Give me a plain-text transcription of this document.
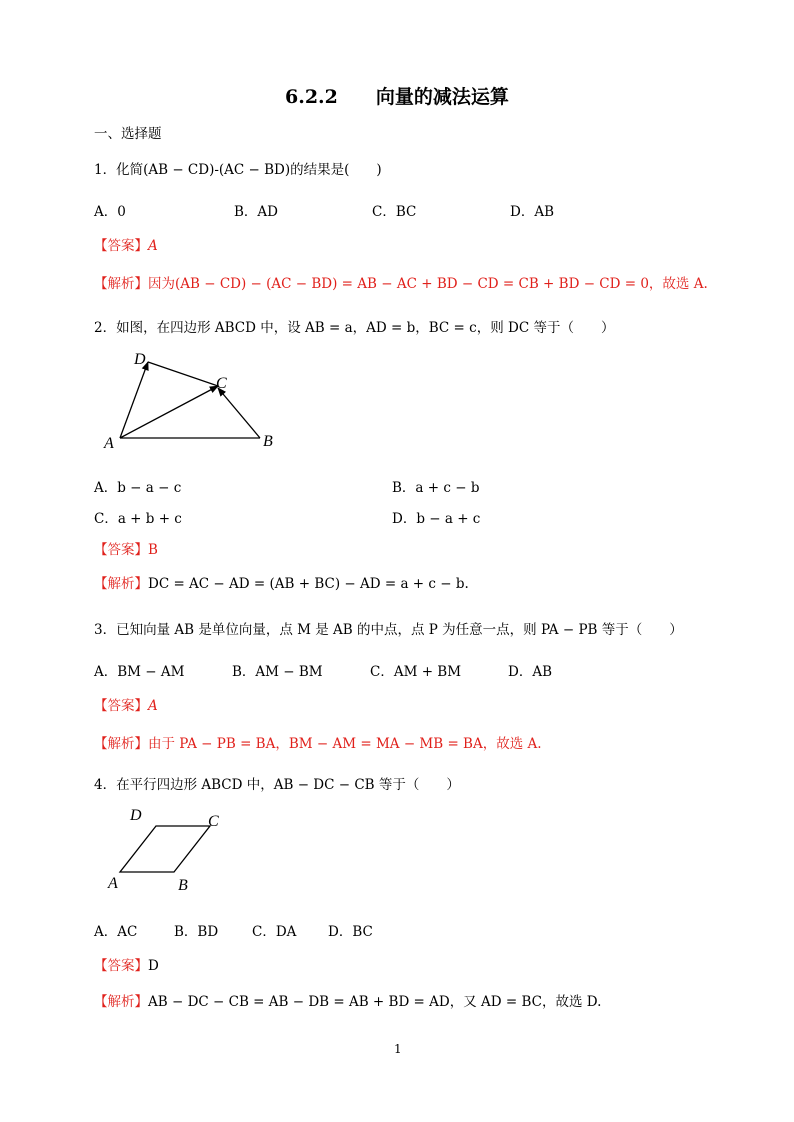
6.2.2　　向量的减法运算
一、选择题
1．化简(AB − CD)-(AC − BD)的结果是(　　)
A．0	B．AD	C．BC	D．AB
【答案】A
【解析】因为(AB − CD) − (AC − BD) = AB − AC + BD − CD = CB + BD − CD = 0，故选 A.
2．如图，在四边形 ABCD 中，设 AB = a，AD = b，BC = c，则 DC 等于（　　）
D
C
A	B
A．b − a − c	B．a + c − b
C．a + b + c	D．b − a + c
【答案】B
【解析】DC = AC − AD = (AB + BC) − AD = a + c − b.
3．已知向量 AB 是单位向量，点 M 是 AB 的中点，点 P 为任意一点，则 PA − PB 等于（　　）
A．BM − AM	B．AM − BM	C．AM + BM	D．AB
【答案】A
【解析】由于 PA − PB = BA，BM − AM = MA − MB = BA，故选 A.
4．在平行四边形 ABCD 中，AB − DC − CB 等于（　　）
D	C
A	B
A．AC	B．BD	C．DA D．BC
【答案】D
【解析】AB − DC − CB = AB − DB = AB + BD = AD，又 AD = BC，故选 D.
1
